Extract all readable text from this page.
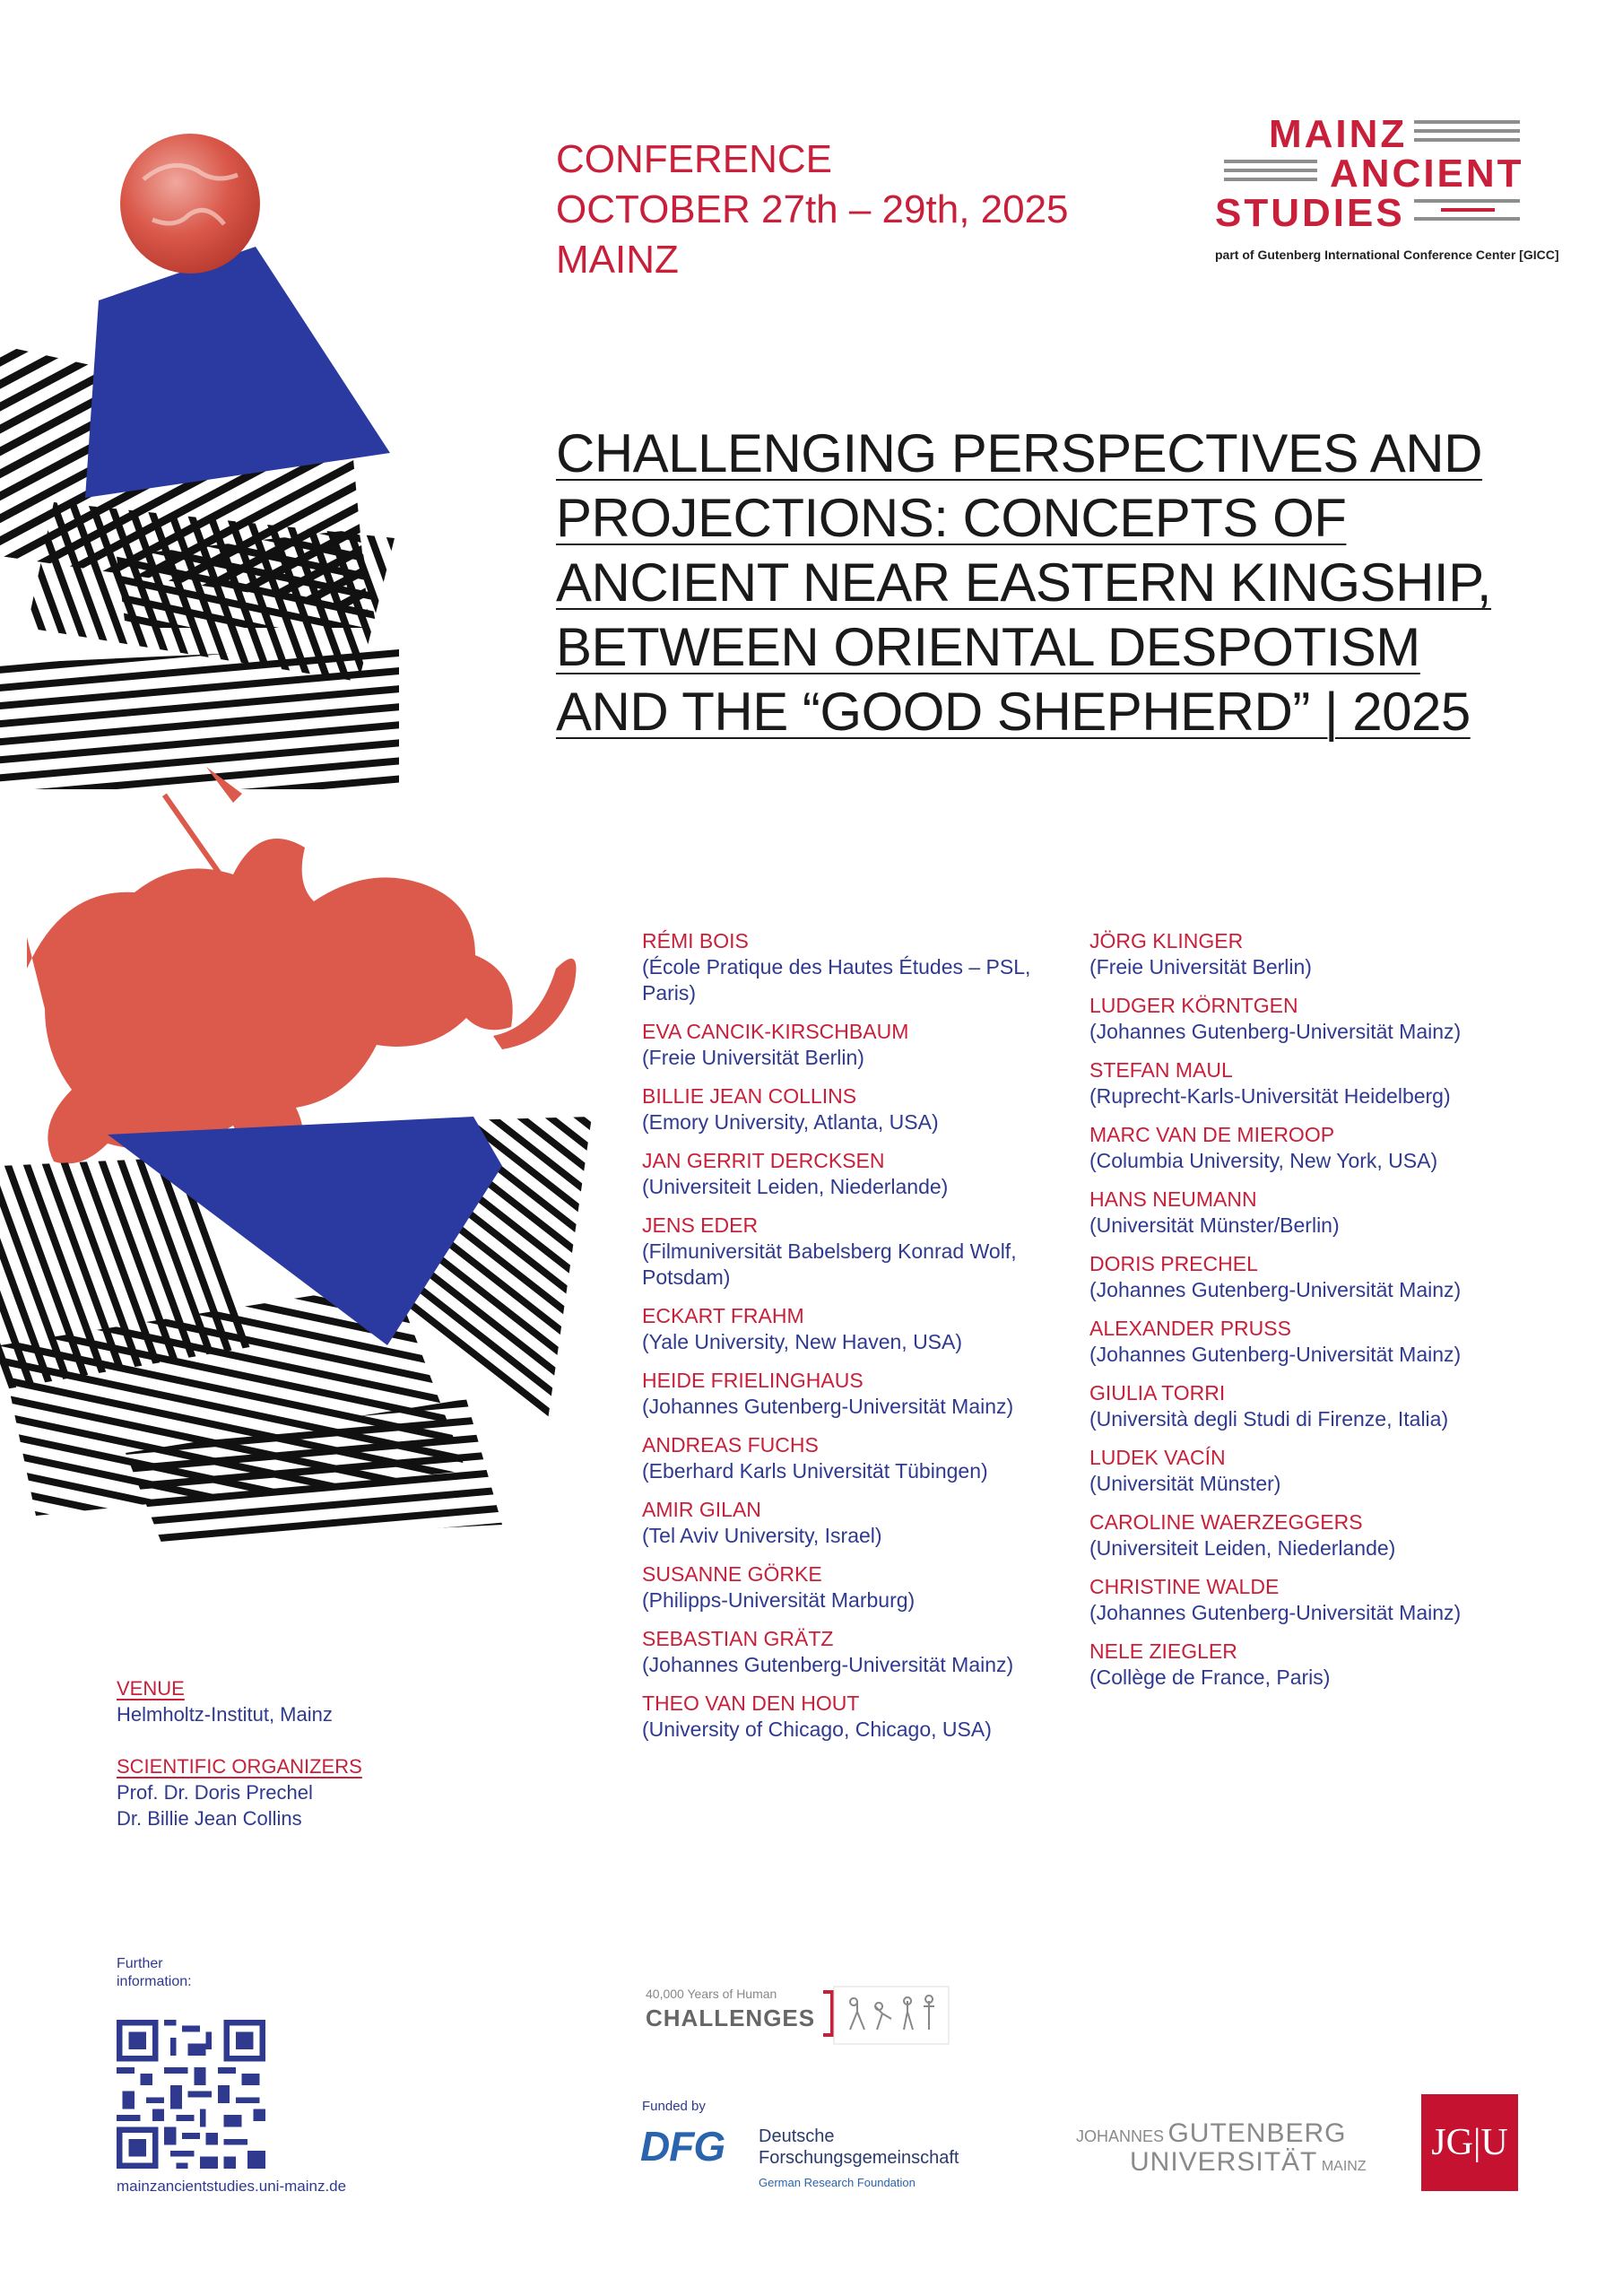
CONFERENCE
OCTOBER 27th – 29th, 2025
MAINZ
MAINZ
ANCIENT
STUDIES
part of Gutenberg International Conference Center [GICC]
CHALLENGING PERSPECTIVES AND
PROJECTIONS: CONCEPTS OF
ANCIENT NEAR EASTERN KINGSHIP,
BETWEEN ORIENTAL DESPOTISM
AND THE “GOOD SHEPHERD” | 2025
RÉMI BOIS
(École Pratique des Hautes Études – PSL, Paris)
EVA CANCIK-KIRSCHBAUM
(Freie Universität Berlin)
BILLIE JEAN COLLINS
(Emory University, Atlanta, USA)
JAN GERRIT DERCKSEN
(Universiteit Leiden, Niederlande)
JENS EDER
(Filmuniversität Babelsberg Konrad Wolf, Potsdam)
ECKART FRAHM
(Yale University, New Haven, USA)
HEIDE FRIELINGHAUS
(Johannes Gutenberg-Universität Mainz)
ANDREAS FUCHS
(Eberhard Karls Universität Tübingen)
AMIR GILAN
(Tel Aviv University, Israel)
SUSANNE GÖRKE
(Philipps-Universität Marburg)
SEBASTIAN GRÄTZ
(Johannes Gutenberg-Universität Mainz)
THEO VAN DEN HOUT
(University of Chicago, Chicago, USA)
JÖRG KLINGER
(Freie Universität Berlin)
LUDGER KÖRNTGEN
(Johannes Gutenberg-Universität Mainz)
STEFAN MAUL
(Ruprecht-Karls-Universität Heidelberg)
MARC VAN DE MIEROOP
(Columbia University, New York, USA)
HANS NEUMANN
(Universität Münster/Berlin)
DORIS PRECHEL
(Johannes Gutenberg-Universität Mainz)
ALEXANDER PRUSS
(Johannes Gutenberg-Universität Mainz)
GIULIA TORRI
(Università degli Studi di Firenze, Italia)
LUDEK VACÍN
(Universität Münster)
CAROLINE WAERZEGGERS
(Universiteit Leiden, Niederlande)
CHRISTINE WALDE
(Johannes Gutenberg-Universität Mainz)
NELE ZIEGLER
(Collège de France, Paris)
VENUE
Helmholtz-Institut, Mainz
SCIENTIFIC ORGANIZERS
Prof. Dr. Doris Prechel
Dr. Billie Jean Collins
Further
information:
mainzancientstudies.uni-mainz.de
40,000 Years of Human
CHALLENGES
Funded by
DFG Deutsche
Forschungsgemeinschaft
German Research Foundation
JOHANNES GUTENBERG
UNIVERSITÄT MAINZ
JG|U
